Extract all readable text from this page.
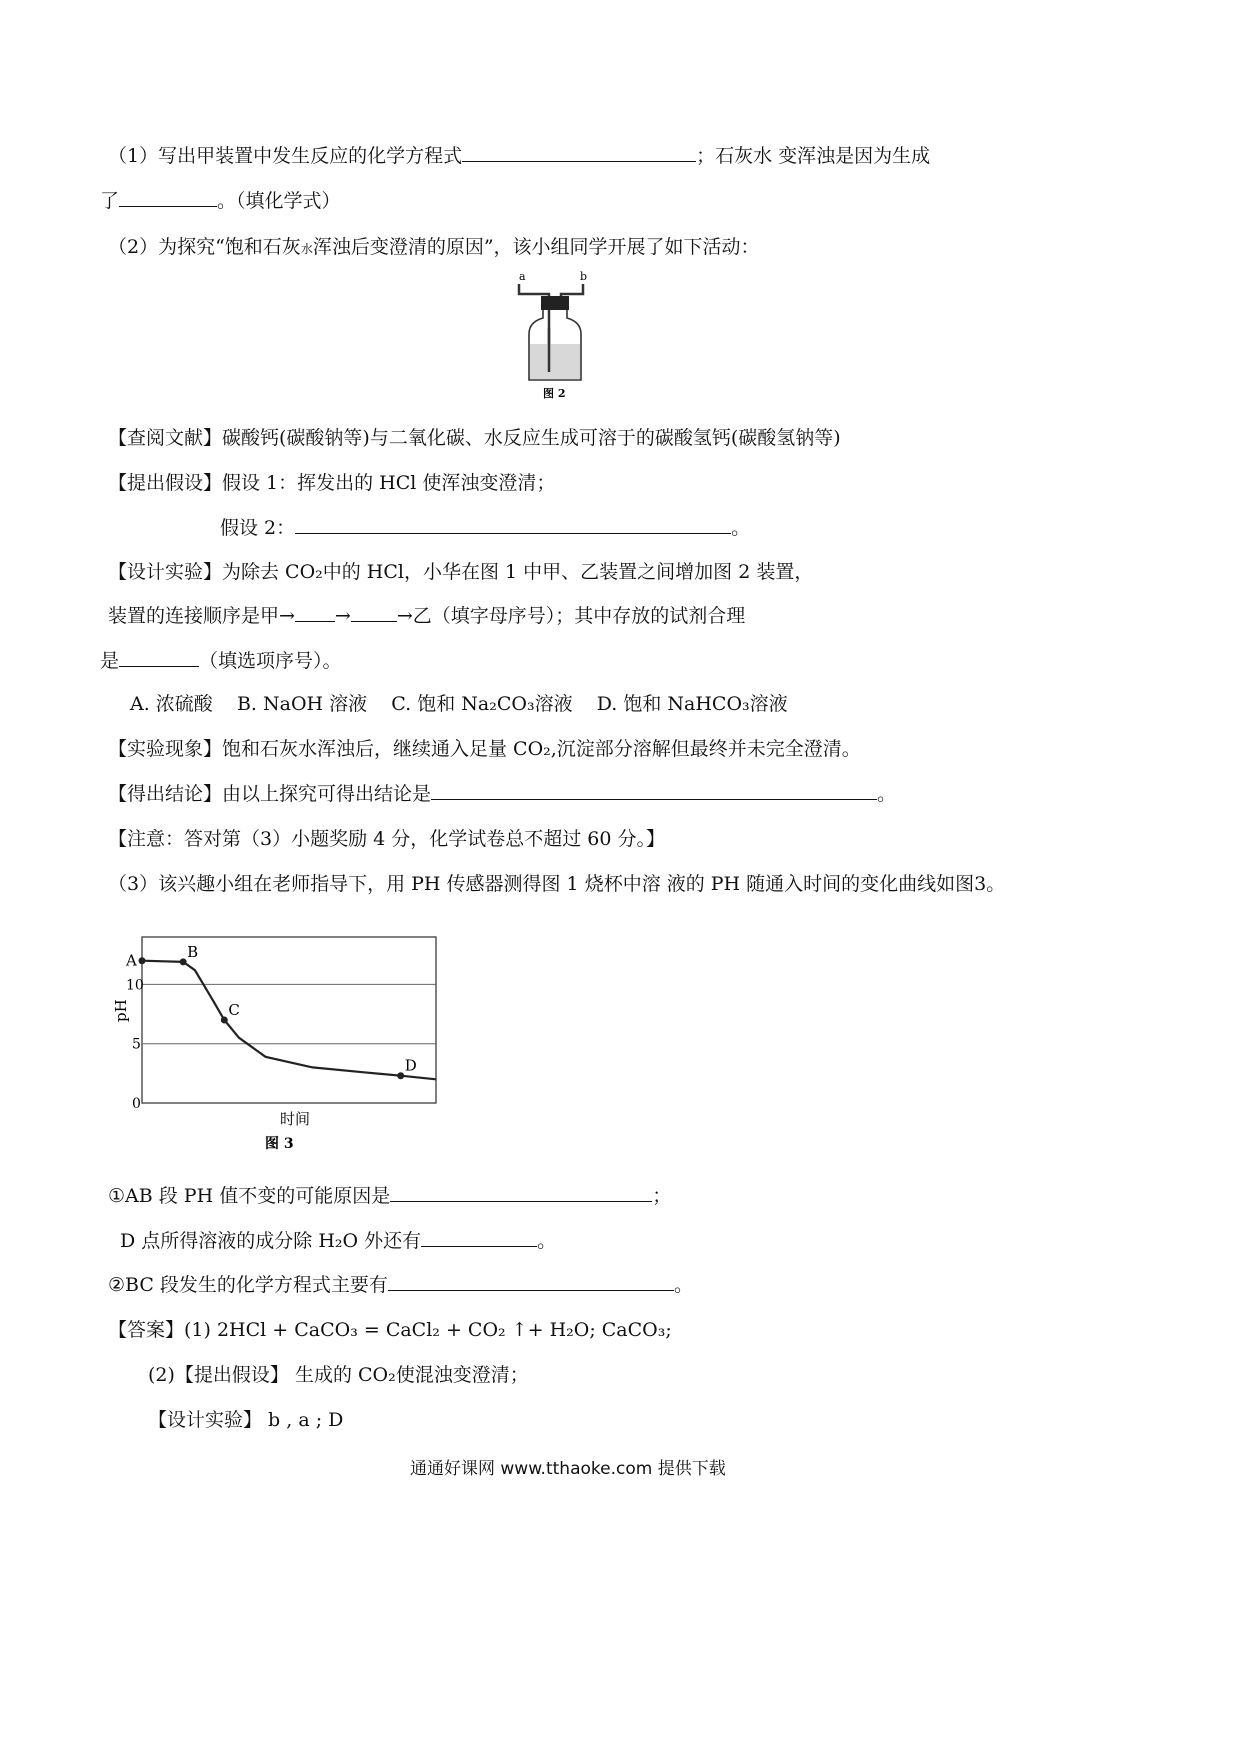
（1）写出甲装置中发生反应的化学方程式	；石灰水 变浑浊是因为生成
了	。（填化学式）
（2）为探究“饱和石灰水浑浊后变澄清的原因”，该小组同学开展了如下活动：
a	b
图 2
【查阅文献】碳酸钙(碳酸钠等)与二氧化碳、水反应生成可溶于的碳酸氢钙(碳酸氢钠等)
【提出假设】假设 1：挥发出的 HCl 使浑浊变澄清；
假设 2：	。
【设计实验】为除去 CO₂中的 HCl，小华在图 1 中甲、乙装置之间增加图 2 装置，
装置的连接顺序是甲→ → →乙（填字母序号）；其中存放的试剂合理
是	（填选项序号）。
A. 浓硫酸    B. NaOH 溶液    C. 饱和 Na₂CO₃溶液    D. 饱和 NaHCO₃溶液
【实验现象】饱和石灰水浑浊后，继续通入足量 CO₂,沉淀部分溶解但最终并未完全澄清。
【得出结论】由以上探究可得出结论是	。
【注意：答对第（3）小题奖励 4 分，化学试卷总不超过 60 分。】
（3）该兴趣小组在老师指导下，用 PH 传感器测得图 1 烧杯中溶 液的 PH 随通入时间的变化曲线如图3。
0
5
10
A	B
C
D
pH
时间
图 3
①AB 段 PH 值不变的可能原因是	；
D 点所得溶液的成分除 H₂O 外还有	。
②BC 段发生的化学方程式主要有	。
【答案】(1) 2HCl + CaCO₃ = CaCl₂ + CO₂ ↑+ H₂O; CaCO₃;
(2)【提出假设】 生成的 CO₂使混浊变澄清；
【设计实验】 b , a ; D
通通好课网 www.tthaoke.com 提供下载
